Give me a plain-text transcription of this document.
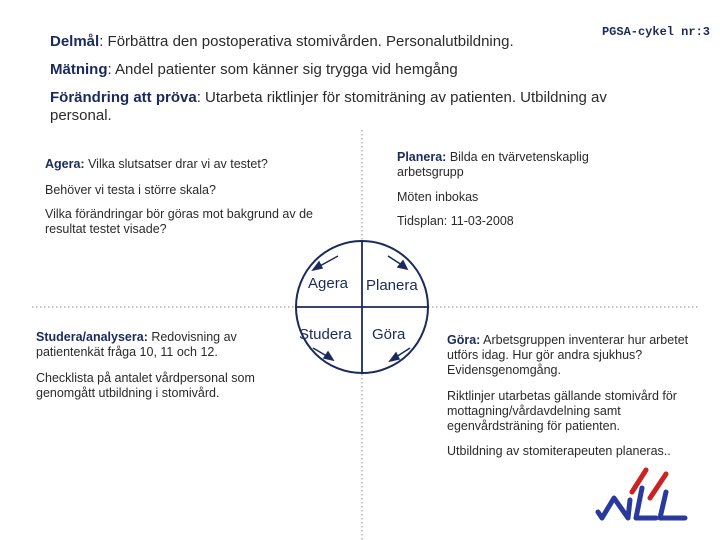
PGSA-cykel nr:3
Delmål: Förbättra den postoperativa stomivården. Personalutbildning.
Mätning: Andel patienter som känner sig trygga vid hemgång
Förändring att pröva: Utarbeta riktlinjer för stomiträning av patienten. Utbildning av personal.
Agera: Vilka slutsatser drar vi av testet?
Behöver vi testa i större skala?
Vilka förändringar bör göras mot bakgrund av de resultat testet visade?
Planera: Bilda en tvärvetenskaplig arbetsgrupp
Möten inbokas
Tidsplan: 11-03-2008
Studera/analysera: Redovisning av patientenkät fråga 10, 11 och 12.
Checklista på antalet vårdpersonal som genomgått utbildning i stomivård.
Göra: Arbetsgruppen inventerar hur arbetet utförs idag. Hur gör andra sjukhus? Evidensgenomgång.
Riktlinjer utarbetas gällande stomivård för mottagning/vårdavdelning samt egenvårdsträning för patienten.
Utbildning av stomiterapeuten planeras..
Agera Planera
Studera Göra
